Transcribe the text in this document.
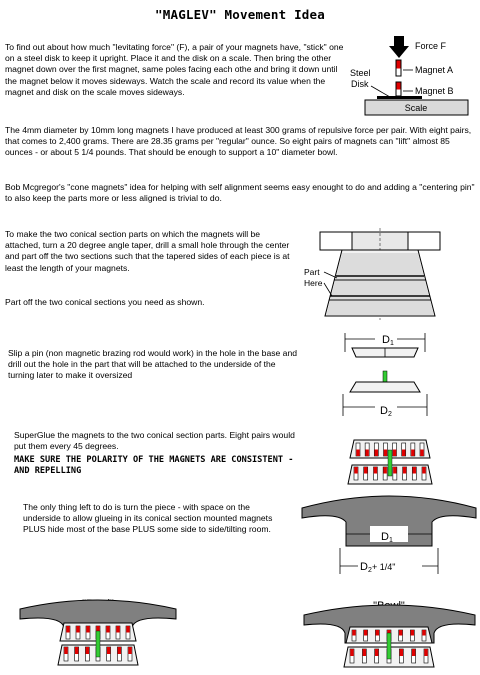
"MAGLEV" Movement Idea
To find out about how much "levitating force" (F), a pair of your magnets have, "stick" one on a steel disk to keep it upright. Place it and the disk on a scale. Then bring the other magnet down over the first magnet, same poles facing each othe and bring it down until the magnet below it moves sideways. Watch the scale and record its value when the magnet and disk on the scale moves sideways.
Force F
Magnet A
Magnet B
Steel
Disk
Scale
The 4mm diameter by 10mm long magnets I have produced at least 300 grams of repulsive force per pair. With eight pairs, that comes to 2,400 grams. There are 28.35 grams per "regular" ounce. So eight pairs of magnets can "lift" almost 85 ounces - or about 5 1/4 pounds. That should be enough to support a 10" diameter bowl.
Bob Mcgregor's "cone magnets" idea for helping with self alignment seems easy enought to do and adding a "centering pin" to also keep the parts more or less aligned is trivial to do.
To make the two conical section parts on which the magnets will be attached, turn a 20 degree angle taper, drill a small hole through the center and part off the two sections such that the tapered sides of each piece is at least the length of your magnets.
Part off the two conical sections you need as shown.
Part
Here
D 1
D 2
Slip a pin (non magnetic brazing rod would work) in the hole in the base and drill out the hole in the part that will be attached to the underside of the turning later to make it oversized
SuperGlue the magnets to the two conical section parts. Eight pairs would put them every 45 degrees.
MAKE SURE THE POLARITY OF THE MAGNETS ARE CONSISTENT - AND REPELLING
The only thing left to do is turn the piece - with space on the underside to allow glueing in its conical section mounted magnets PLUS hide most of the base PLUS some side to side/tilting room.
D 1
D 2 + 1/4"
